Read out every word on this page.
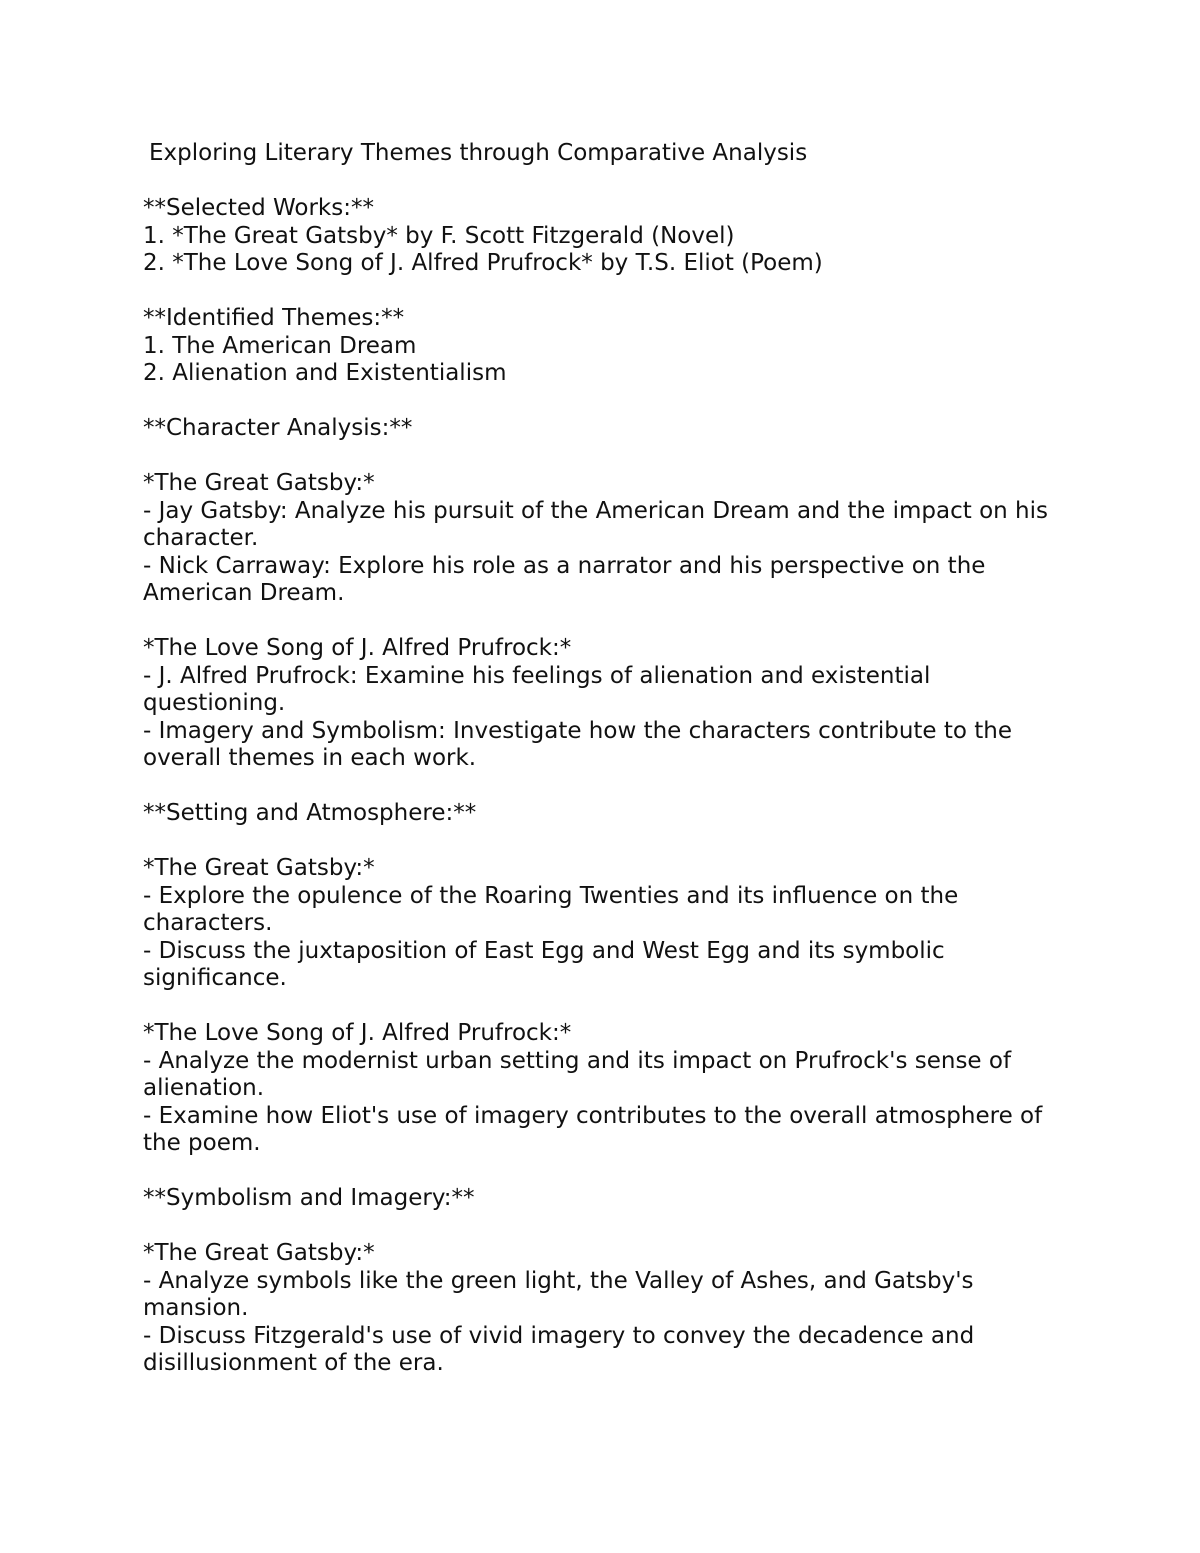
Exploring Literary Themes through Comparative Analysis

**Selected Works:**

1. *The Great Gatsby* by F. Scott Fitzgerald (Novel)

2. *The Love Song of J. Alfred Prufrock* by T.S. Eliot (Poem)

**Identified Themes:**

1. The American Dream

2. Alienation and Existentialism

**Character Analysis:**

*The Great Gatsby:*

- Jay Gatsby: Analyze his pursuit of the American Dream and the impact on his character.

- Nick Carraway: Explore his role as a narrator and his perspective on the American Dream.

*The Love Song of J. Alfred Prufrock:*

- J. Alfred Prufrock: Examine his feelings of alienation and existential questioning.

- Imagery and Symbolism: Investigate how the characters contribute to the overall themes in each work.

**Setting and Atmosphere:**

*The Great Gatsby:*

- Explore the opulence of the Roaring Twenties and its influence on the characters.

- Discuss the juxtaposition of East Egg and West Egg and its symbolic significance.

*The Love Song of J. Alfred Prufrock:*

- Analyze the modernist urban setting and its impact on Prufrock's sense of alienation.

- Examine how Eliot's use of imagery contributes to the overall atmosphere of the poem.

**Symbolism and Imagery:**

*The Great Gatsby:*

- Analyze symbols like the green light, the Valley of Ashes, and Gatsby's mansion.

- Discuss Fitzgerald's use of vivid imagery to convey the decadence and disillusionment of the era.
